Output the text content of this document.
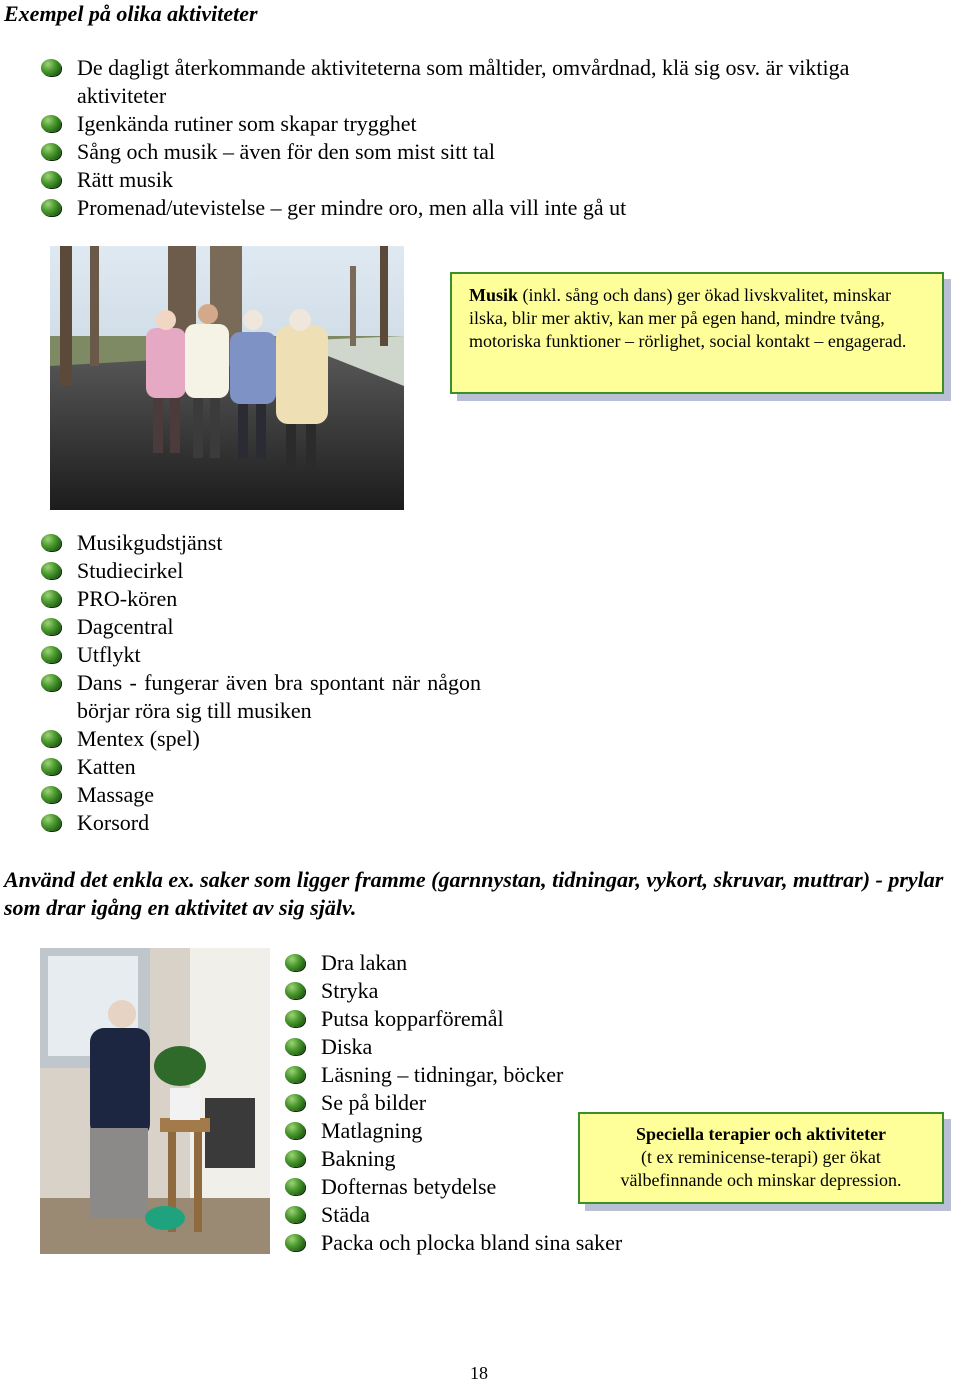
Exempel på olika aktiviteter
De dagligt återkommande aktiviteterna som måltider, omvårdnad, klä sig osv. är viktiga aktiviteter
Igenkända rutiner som skapar trygghet
Sång och musik – även för den som mist sitt tal
Rätt musik
Promenad/utevistelse – ger mindre oro, men alla vill inte gå ut
Musik (inkl. sång och dans) ger ökad livskvalitet, minskar ilska, blir mer aktiv, kan mer på egen hand, mindre tvång, motoriska funktioner – rörlighet, social kontakt – engagerad.
Musikgudstjänst
Studiecirkel
PRO-kören
Dagcentral
Utflykt
Dans - fungerar även bra spontant när någon börjar röra sig till musiken
Mentex (spel)
Katten
Massage
Korsord
Använd det enkla ex. saker som ligger framme (garnnystan, tidningar, vykort, skruvar, muttrar) - prylar som drar igång en aktivitet av sig själv.
Dra lakan
Stryka
Putsa kopparföremål
Diska
Läsning – tidningar, böcker
Se på bilder
Matlagning
Bakning
Dofternas betydelse
Städa
Packa och plocka bland sina saker
Speciella terapier och aktiviteter
(t ex reminicense-terapi) ger ökat
välbefinnande och minskar depression.
18
